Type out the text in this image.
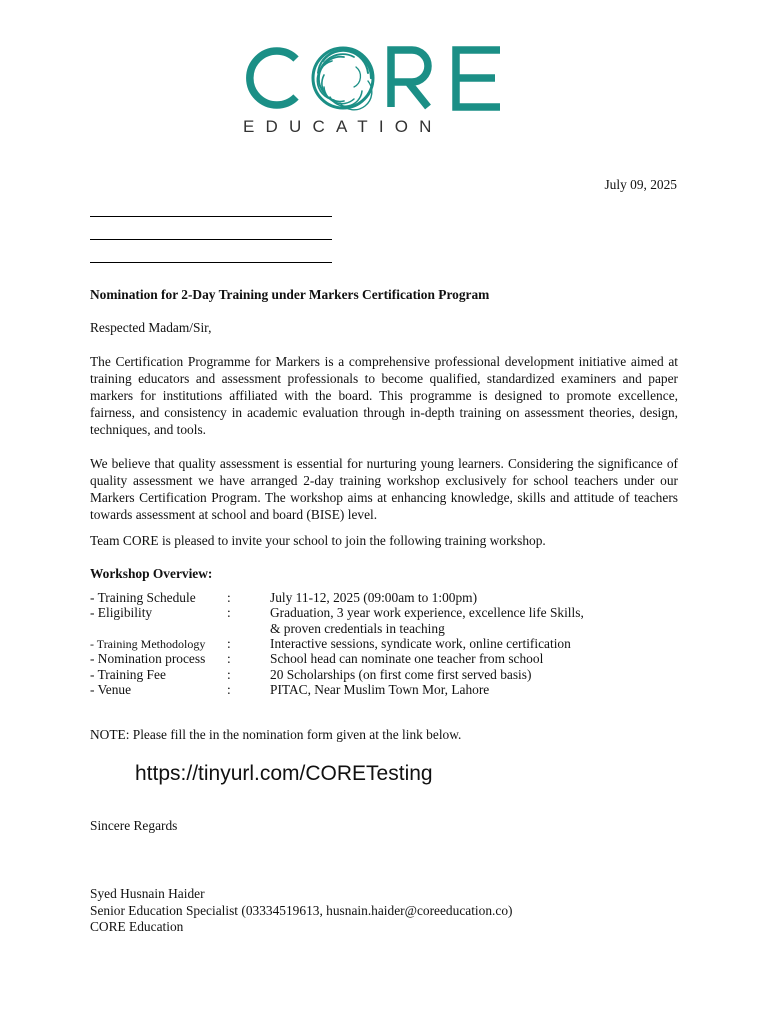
EDUCATION
July 09, 2025
Nomination for 2-Day Training under Markers Certification Program
Respected Madam/Sir,
The Certification Programme for Markers is a comprehensive professional development initiative aimed at training educators and assessment professionals to become qualified, standardized examiners and paper markers for institutions affiliated with the board. This programme is designed to promote excellence, fairness, and consistency in academic evaluation through in-depth training on assessment theories, design, techniques, and tools.
We believe that quality assessment is essential for nurturing young learners. Considering the significance of quality assessment we have arranged 2-day training workshop exclusively for school teachers under our Markers Certification Program. The workshop aims at enhancing knowledge, skills and attitude of teachers towards assessment at school and board (BISE) level.
Team CORE is pleased to invite your school to join the following training workshop.
Workshop Overview:
- Training Schedule :	July 11-12, 2025 (09:00am to 1:00pm)
- Eligibility	:	Graduation, 3 year work experience, excellence life Skills,
& proven credentials in teaching
- Training Methodology :	Interactive sessions, syndicate work, online certification
- Nomination process :	School head can nominate one teacher from school
- Training Fee	:	20 Scholarships (on first come first served basis)
- Venue	:	PITAC, Near Muslim Town Mor, Lahore
NOTE: Please fill the in the nomination form given at the link below.
https://tinyurl.com/CORETesting
Sincere Regards
Syed Husnain Haider
Senior Education Specialist (03334519613, husnain.haider@coreeducation.co)
CORE Education
